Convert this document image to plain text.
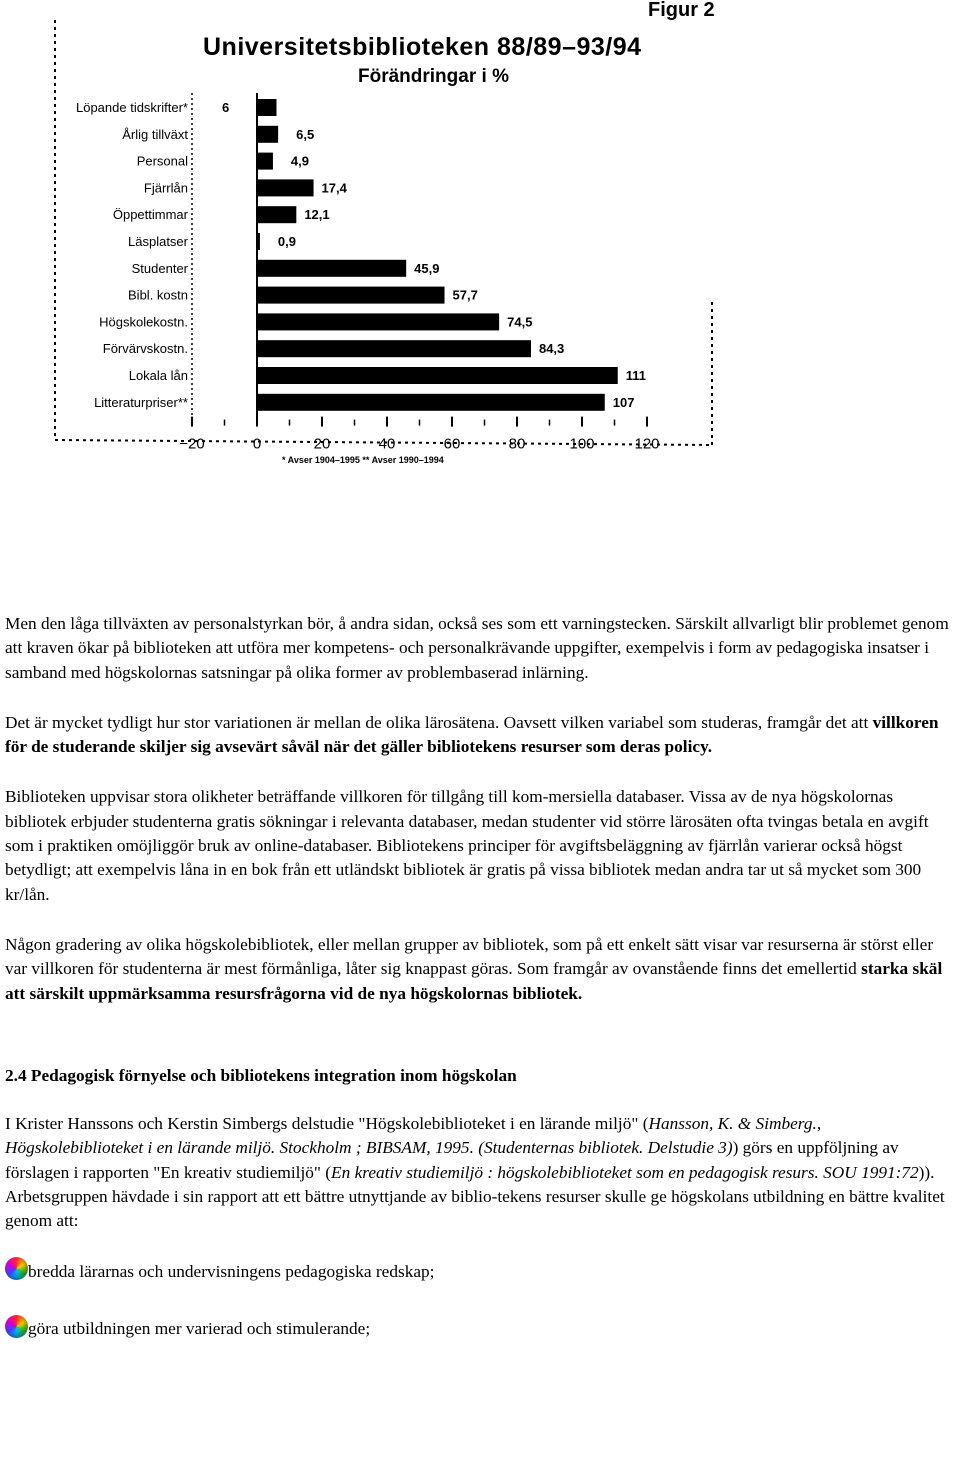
Figur 2
Universitetsbiblioteken 88/89–93/94
Förändringar i %
Löpande tidskrifter*	6
Årlig tillväxt	6,5
Personal	4,9
Fjärrlån	17,4
Öppettimmar	12,1
Läsplatser	0,9
Studenter	45,9
Bibl. kostn	57,7
Högskolekostn.	74,5
Förvärvskostn.	84,3
Lokala lån	111
Litteraturpriser**	107
−20	0	20	40	60	80	100	120
* Avser 1904–1995 ** Avser 1990–1994

Men den låga tillväxten av personalstyrkan bör, å andra sidan, också ses som ett varningstecken. Särskilt allvarligt blir problemet genom att kraven ökar på biblioteken att utföra mer kompetens- och personalkrävande uppgifter, exempelvis i form av pedagogiska insatser i samband med högskolornas satsningar på olika former av problembaserad inlärning.

Det är mycket tydligt hur stor variationen är mellan de olika lärosätena. Oavsett vilken variabel som studeras, framgår det att villkoren för de studerande skiljer sig avsevärt såväl när det gäller bibliotekens resurser som deras policy.

Biblioteken uppvisar stora olikheter beträffande villkoren för tillgång till kom-mersiella databaser. Vissa av de nya högskolornas bibliotek erbjuder studenterna gratis sökningar i relevanta databaser, medan studenter vid större lärosäten ofta tvingas betala en avgift som i praktiken omöjliggör bruk av online-databaser. Bibliotekens principer för avgiftsbeläggning av fjärrlån varierar också högst betydligt; att exempelvis låna in en bok från ett utländskt bibliotek är gratis på vissa bibliotek medan andra tar ut så mycket som 300 kr/lån.

Någon gradering av olika högskolebibliotek, eller mellan grupper av bibliotek, som på ett enkelt sätt visar var resurserna är störst eller var villkoren för studenterna är mest förmånliga, låter sig knappast göras. Som framgår av ovanstående finns det emellertid starka skäl att särskilt uppmärksamma resursfrågorna vid de nya högskolornas bibliotek.

2.4 Pedagogisk förnyelse och bibliotekens integration inom högskolan

I Krister Hanssons och Kerstin Simbergs delstudie "Högskolebiblioteket i en lärande miljö" (Hansson, K. & Simberg., Högskolebiblioteket i en lärande miljö. Stockholm ; BIBSAM, 1995. (Studenternas bibliotek. Delstudie 3)) görs en uppföljning av förslagen i rapporten "En kreativ studiemiljö" (En kreativ studiemiljö : högskolebiblioteket som en pedagogisk resurs. SOU 1991:72)). Arbetsgruppen hävdade i sin rapport att ett bättre utnyttjande av biblio-tekens resurser skulle ge högskolans utbildning en bättre kvalitet genom att:

bredda lärarnas och undervisningens pedagogiska redskap;
göra utbildningen mer varierad och stimulerande;
